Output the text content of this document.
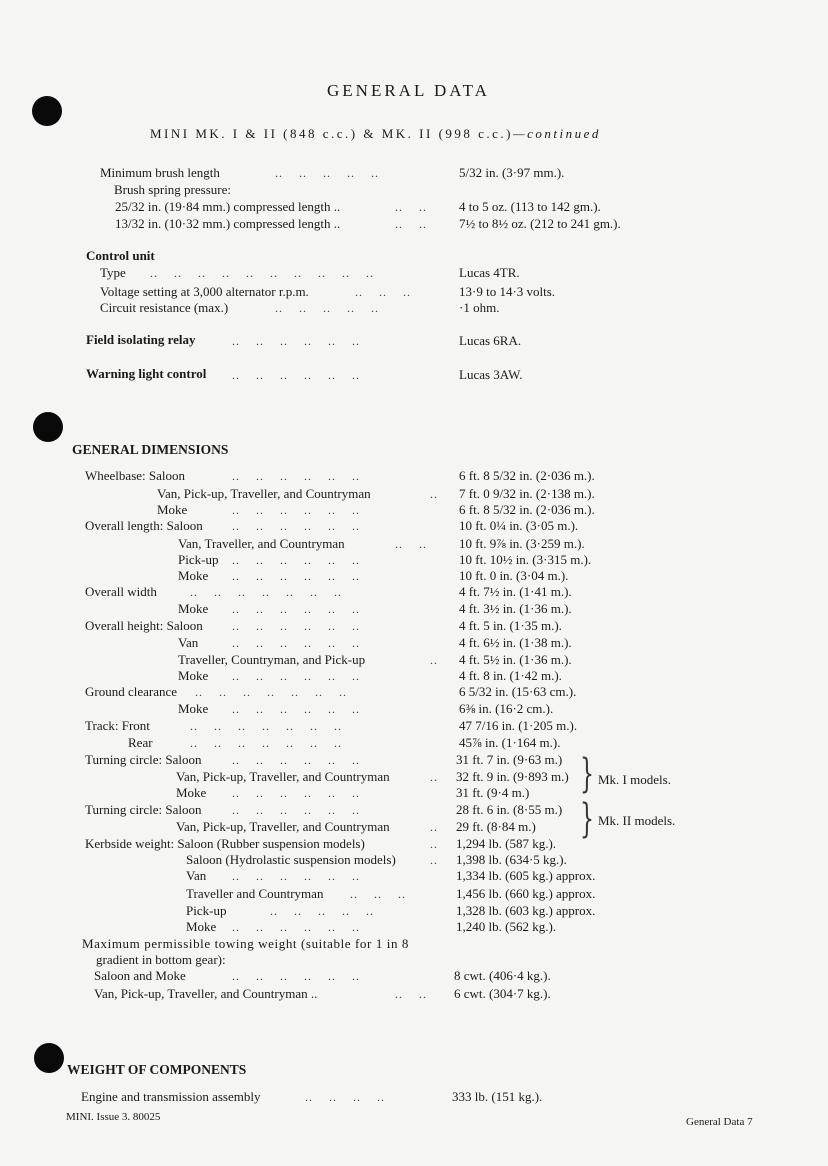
GENERAL DATA
MINI MK. I & II (848 c.c.) & MK. II (998 c.c.)—continued
Minimum brush length	..    ..    ..    ..    ..	5/32 in. (3·97 mm.).
Brush spring pressure:
25/32 in. (19·84 mm.) compressed length ..	..    .. 4 to 5 oz. (113 to 142 gm.).
13/32 in. (10·32 mm.) compressed length ..	..    .. 7½ to 8½ oz. (212 to 241 gm.).
Control unit
Type ..    ..    ..    ..    ..    ..    ..    ..    ..    ..	Lucas 4TR.
Voltage setting at 3,000 alternator r.p.m.	..    ..    ..	13·9 to 14·3 volts.
Circuit resistance (max.)	..    ..    ..    ..    ..	·1 ohm.
Field isolating relay	..    ..    ..    ..    ..    ..	Lucas 6RA.
Warning light control ..    ..    ..    ..    ..    ..	Lucas 3AW.
GENERAL DIMENSIONS
Wheelbase: Saloon	..    ..    ..    ..    ..    ..	6 ft. 8 5/32 in. (2·036 m.).
Van, Pick-up, Traveller, and Countryman	.. 7 ft. 0 9/32 in. (2·138 m.).
Moke	..    ..    ..    ..    ..    ..	6 ft. 8 5/32 in. (2·036 m.).
Overall length: Saloon ..    ..    ..    ..    ..    ..	10 ft. 0¼ in. (3·05 m.).
Van, Traveller, and Countryman	..    .. 10 ft. 9⅞ in. (3·259 m.).
Pick-up ..    ..    ..    ..    ..    ..	10 ft. 10½ in. (3·315 m.).
Moke ..    ..    ..    ..    ..    ..	10 ft. 0 in. (3·04 m.).
Overall width	..    ..    ..    ..    ..    ..    ..	4 ft. 7½ in. (1·41 m.).
Moke ..    ..    ..    ..    ..    ..	4 ft. 3½ in. (1·36 m.).
Overall height: Saloon ..    ..    ..    ..    ..    ..	4 ft. 5 in. (1·35 m.).
Van	..    ..    ..    ..    ..    ..	4 ft. 6½ in. (1·38 m.).
Traveller, Countryman, and Pick-up	.. 4 ft. 5½ in. (1·36 m.).
Moke ..    ..    ..    ..    ..    ..	4 ft. 8 in. (1·42 m.).
Ground clearance ..    ..    ..    ..    ..    ..    ..	6 5/32 in. (15·63 cm.).
Moke ..    ..    ..    ..    ..    ..	6⅜ in. (16·2 cm.).
Track: Front	..    ..    ..    ..    ..    ..    ..	47 7/16 in. (1·205 m.).
Rear	..    ..    ..    ..    ..    ..    ..	45⅞ in. (1·164 m.).
Turning circle: Saloon	..    ..    ..    ..    ..    ..	31 ft. 7 in. (9·63 m.)
Van, Pick-up, Traveller, and Countryman	.. 32 ft. 9 in. (9·893 m.)
Moke ..    ..    ..    ..    ..    ..	31 ft. (9·4 m.) } Mk. I models.
Turning circle: Saloon	..    ..    ..    ..    ..    ..	28 ft. 6 in. (8·55 m.)
Van, Pick-up, Traveller, and Countryman	.. 29 ft. (8·84 m.) } Mk. II models.
Kerbside weight: Saloon (Rubber suspension models)	.. 1,294 lb. (587 kg.).
Saloon (Hydrolastic suspension models)	.. 1,398 lb. (634·5 kg.).
Van ..    ..    ..    ..    ..    ..	1,334 lb. (605 kg.) approx.
Traveller and Countryman ..    ..    ..	1,456 lb. (660 kg.) approx.
Pick-up	..    ..    ..    ..    ..	1,328 lb. (603 kg.) approx.
Moke ..    ..    ..    ..    ..    ..	1,240 lb. (562 kg.).
Maximum permissible towing weight (suitable for 1 in 8
gradient in bottom gear):
Saloon and Moke	..    ..    ..    ..    ..    ..	8 cwt. (406·4 kg.).
Van, Pick-up, Traveller, and Countryman ..	..    .. 6 cwt. (304·7 kg.).
WEIGHT OF COMPONENTS
Engine and transmission assembly	..    ..    ..    ..	333 lb. (151 kg.).
MINI. Issue 3. 80025	General Data 7
